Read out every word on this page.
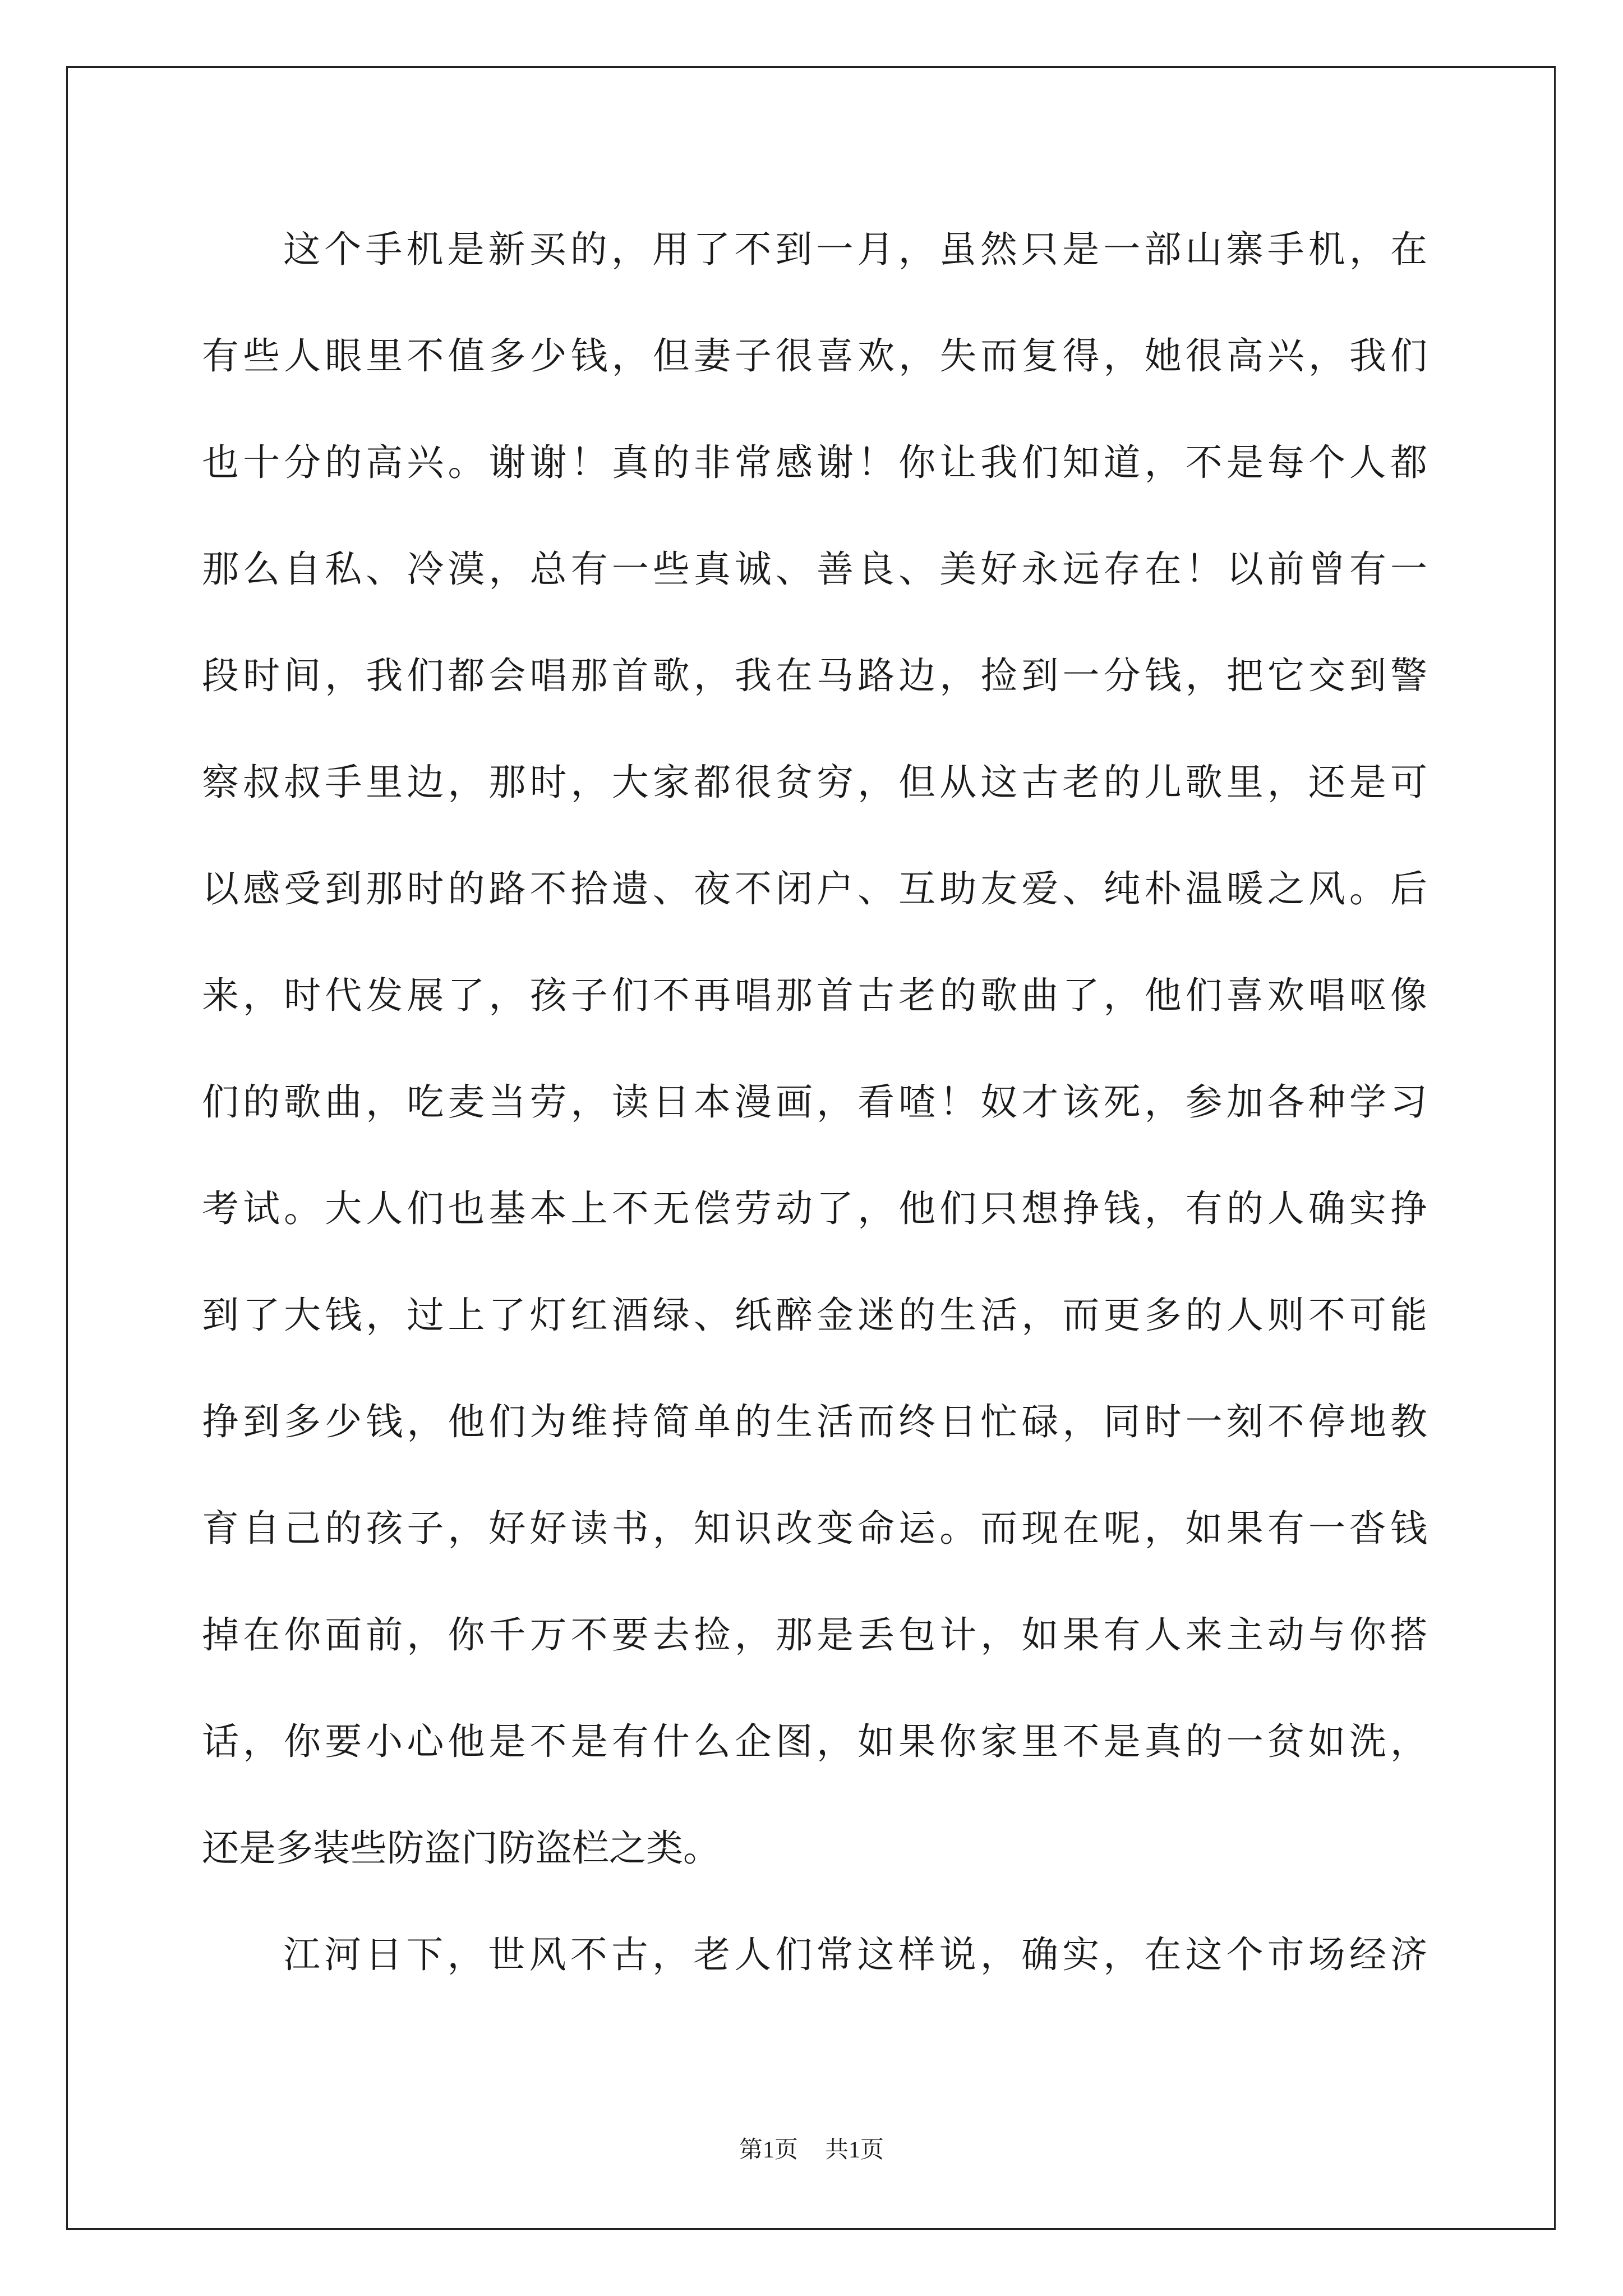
这个手机是新买的，用了不到一月，虽然只是一部山寨手机，在
有些人眼里不值多少钱，但妻子很喜欢，失而复得，她很高兴，我们
也十分的高兴。谢谢！真的非常感谢！你让我们知道，不是每个人都
那么自私、冷漠，总有一些真诚、善良、美好永远存在！以前曾有一
段时间，我们都会唱那首歌，我在马路边，捡到一分钱，把它交到警
察叔叔手里边，那时，大家都很贫穷，但从这古老的儿歌里，还是可
以感受到那时的路不拾遗、夜不闭户、互助友爱、纯朴温暖之风。后
来，时代发展了，孩子们不再唱那首古老的歌曲了，他们喜欢唱呕像
们的歌曲，吃麦当劳，读日本漫画，看喳！奴才该死，参加各种学习
考试。大人们也基本上不无偿劳动了，他们只想挣钱，有的人确实挣
到了大钱，过上了灯红酒绿、纸醉金迷的生活，而更多的人则不可能
挣到多少钱，他们为维持简单的生活而终日忙碌，同时一刻不停地教
育自己的孩子，好好读书，知识改变命运。而现在呢，如果有一沓钱
掉在你面前，你千万不要去捡，那是丢包计，如果有人来主动与你搭
话，你要小心他是不是有什么企图，如果你家里不是真的一贫如洗，
还是多装些防盗门防盗栏之类。
江河日下，世风不古，老人们常这样说，确实，在这个市场经济
第1页 共1页
